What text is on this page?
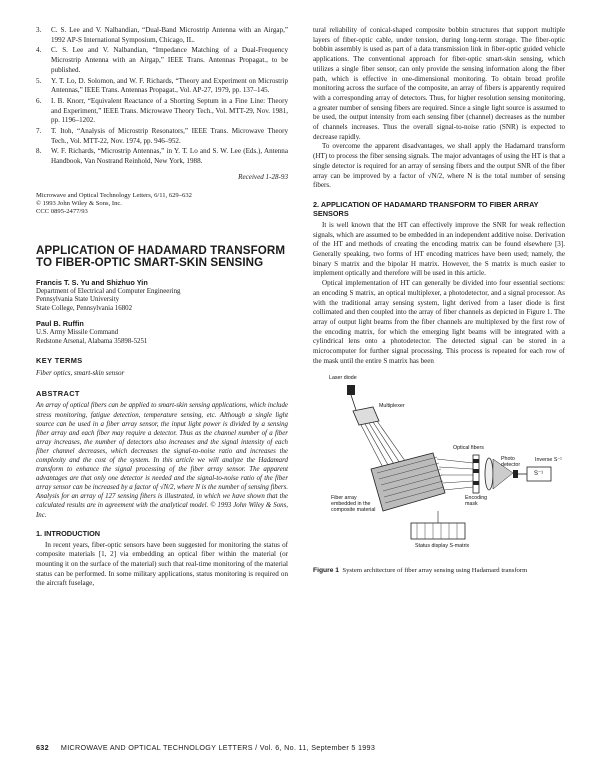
3. C. S. Lee and V. Nalbandian, “Dual-Band Microstrip Antenna with an Airgap,” 1992 AP-S International Symposium, Chicago, IL.
4. C. S. Lee and V. Nalbandian, “Impedance Matching of a Dual-Frequency Microstrip Antenna with an Airgap,” IEEE Trans. Antennas Propagat., to be published.
5. Y. T. Lo, D. Solomon, and W. F. Richards, “Theory and Experiment on Microstrip Antennas,” IEEE Trans. Antennas Propagat., Vol. AP-27, 1979, pp. 137–145.
6. I. B. Knorr, “Equivalent Reactance of a Shorting Septum in a Fine Line: Theory and Experiment,” IEEE Trans. Microwave Theory Tech., Vol. MTT-29, Nov. 1981, pp. 1196–1202.
7. T. Itoh, “Analysis of Microstrip Resonators,” IEEE Trans. Microwave Theory Tech., Vol. MTT-22, Nov. 1974, pp. 946–952.
8. W. F. Richards, “Microstrip Antennas,” in Y. T. Lo and S. W. Lee (Eds.), Antenna Handbook, Van Nostrand Reinhold, New York, 1988.
Received 1-28-93
Microwave and Optical Technology Letters, 6/11, 629–632
© 1993 John Wiley & Sons, Inc.
CCC 0895-2477/93
APPLICATION OF HADAMARD TRANSFORM TO FIBER-OPTIC SMART-SKIN SENSING

Francis T. S. Yu and Shizhuo Yin

Department of Electrical and Computer Engineering

Pennsylvania State University

State College, Pennsylvania 16802

Paul B. Ruffin

U.S. Army Missile Command

Redstone Arsenal, Alabama 35898-5251

KEY TERMS

Fiber optics, smart-skin sensor

ABSTRACT

An array of optical fibers can be applied to smart-skin sensing applications, which include stress monitoring, fatigue detection, temperature sensing, etc. Although a single light source can be used in a fiber array sensor, the input light power is divided by a sensing fiber array and each fiber may require a detector. Thus as the channel number of a fiber array increases, the number of detectors also increases and the signal intensity of each fiber channel decreases, which decreases the signal-to-noise ratio and increases the complexity and the cost of the system. In this article we will analyze the Hadamard transform to enhance the signal processing of the fiber array sensor. The apparent advantages are that only one detector is needed and the signal-to-noise ratio of the fiber array sensor can be increased by a factor of √N/2, where N is the number of sensing fibers. Analysis for an array of 127 sensing fibers is illustrated, in which we have shown that the calculated results are in agreement with the analytical model. © 1993 John Wiley & Sons, Inc.

1. INTRODUCTION

In recent years, fiber-optic sensors have been suggested for monitoring the status of composite materials [1, 2] via embedding an optical fiber within the material (or mounting it on the surface of the material) such that real-time monitoring of the material status can be performed. In some military applications, status monitoring is required on the aircraft fuselage,

tural reliability of conical-shaped composite bobbin structures that support multiple layers of fiber-optic cable, under tension, during long-term storage. The fiber-optic bobbin assembly is used as part of a data transmission link in fiber-optic guided vehicle applications. The conventional approach for fiber-optic smart-skin sensing, which utilizes a single fiber sensor, can only provide the sensing information along the fiber path, which is effective in one-dimensional monitoring. To obtain broad profile monitoring across the surface of the composite, an array of fibers is apparently required with a corresponding array of detectors. Thus, for higher resolution sensing monitoring, a greater number of sensing fibers are required. Since a single light source is assumed to be used, the output intensity from each sensing fiber (channel) decreases as the number of channels increases. Thus the overall signal-to-noise ratio (SNR) is expected to decrease rapidly.

To overcome the apparent disadvantages, we shall apply the Hadamard transform (HT) to process the fiber sensing signals. The major advantages of using the HT is that a single detector is required for an array of sensing fibers and the output SNR of the fiber array can be improved by a factor of √N/2, where N is the total number of sensing fibers.

2. APPLICATION OF HADAMARD TRANSFORM TO FIBER ARRAY SENSORS

It is well known that the HT can effectively improve the SNR for weak reflection signals, which are assumed to be embedded in an independent additive noise. Derivation of the HT and methods of creating the encoding matrix can be found elsewhere [3]. Generally speaking, two forms of HT encoding matrices have been used; namely, the binary S matrix and the bipolar H matrix. However, the S matrix is much easier to implement optically and therefore will be used in this article.

Optical implementation of HT can generally be divided into four essential sections: an encoding S matrix, an optical multiplexer, a photodetector, and a signal processor. As with the traditional array sensing system, light derived from a laser diode is first collimated and then coupled into the array of fiber channels as depicted in Figure 1. The array of output light beams from the fiber channels are multiplexed by the first row of the encoding matrix, for which the emerging light beams will be integrated with a cylindrical lens onto a photodetector. The detected signal can be stored in a microcomputer for further signal processing. This process is repeated for each row of the mask until the entire S matrix has been

Laser diode
Multiplexer
Optical fibers
Fiber array embedded in the composite material
Encoding mask
Photo detector
Inverse S⁻¹
S⁻¹
Status display S-matrix
Figure 1 System architecture of fiber array sensing using Hadamard transform
632 MICROWAVE AND OPTICAL TECHNOLOGY LETTERS / Vol. 6, No. 11, September 5 1993
